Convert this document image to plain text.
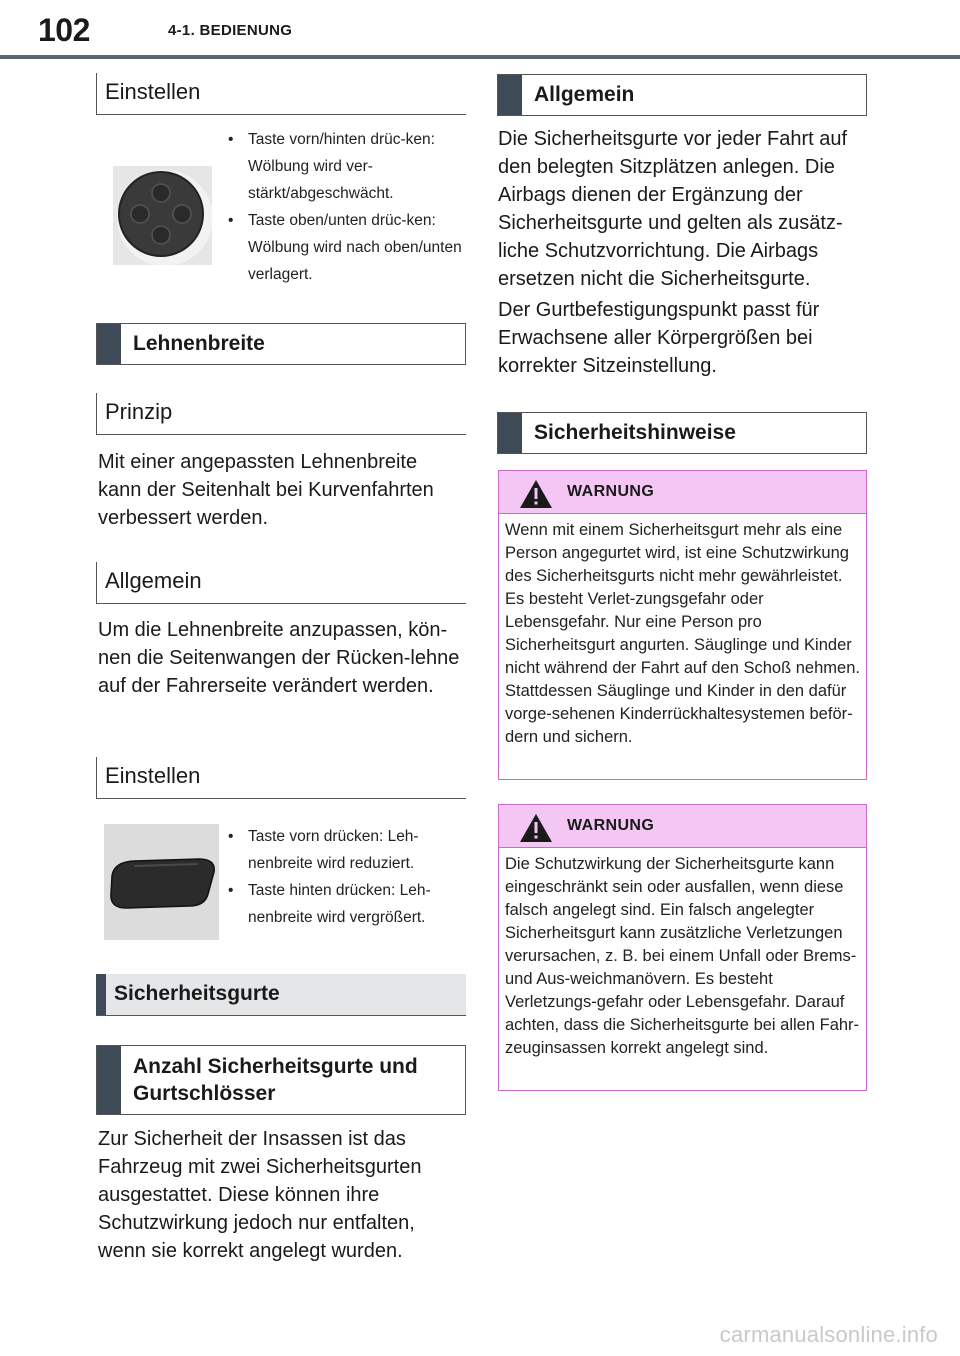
102	4-1. BEDIENUNG
Einstellen
• Taste vorn/hinten drüc-ken: Wölbung wird ver-stärkt/abgeschwächt.
• Taste oben/unten drüc-ken: Wölbung wird nach oben/unten verlagert.
Lehnenbreite
Prinzip
Mit einer angepassten Lehnenbreite kann der Seitenhalt bei Kurvenfahrten verbessert werden.
Allgemein
Um die Lehnenbreite anzupassen, kön-nen die Seitenwangen der Rücken-lehne auf der Fahrerseite verändert werden.
Einstellen
• Taste vorn drücken: Leh-nenbreite wird reduziert.
• Taste hinten drücken: Leh-nenbreite wird vergrößert.
Sicherheitsgurte
Anzahl Sicherheitsgurte und Gurtschlösser
Zur Sicherheit der Insassen ist das Fahrzeug mit zwei Sicherheitsgurten ausgestattet. Diese können ihre Schutzwirkung jedoch nur entfalten, wenn sie korrekt angelegt wurden.
Allgemein
Die Sicherheitsgurte vor jeder Fahrt auf den belegten Sitzplätzen anlegen. Die Airbags dienen der Ergänzung der Sicherheitsgurte und gelten als zusätz-liche Schutzvorrichtung. Die Airbags ersetzen nicht die Sicherheitsgurte.
Der Gurtbefestigungspunkt passt für Erwachsene aller Körpergrößen bei korrekter Sitzeinstellung.
Sicherheitshinweise
WARNUNG
Wenn mit einem Sicherheitsgurt mehr als eine Person angegurtet wird, ist eine Schutzwirkung des Sicherheitsgurts nicht mehr gewährleistet. Es besteht Verlet-zungsgefahr oder Lebensgefahr. Nur eine Person pro Sicherheitsgurt angurten. Säuglinge und Kinder nicht während der Fahrt auf den Schoß nehmen. Stattdessen Säuglinge und Kinder in den dafür vorge-sehenen Kinderrückhaltesystemen beför-dern und sichern.
WARNUNG
Die Schutzwirkung der Sicherheitsgurte kann eingeschränkt sein oder ausfallen, wenn diese falsch angelegt sind. Ein falsch angelegter Sicherheitsgurt kann zusätzliche Verletzungen verursachen, z. B. bei einem Unfall oder Brems- und Aus-weichmanövern. Es besteht Verletzungs-gefahr oder Lebensgefahr. Darauf achten, dass die Sicherheitsgurte bei allen Fahr-zeuginsassen korrekt angelegt sind.
carmanualsonline.info
